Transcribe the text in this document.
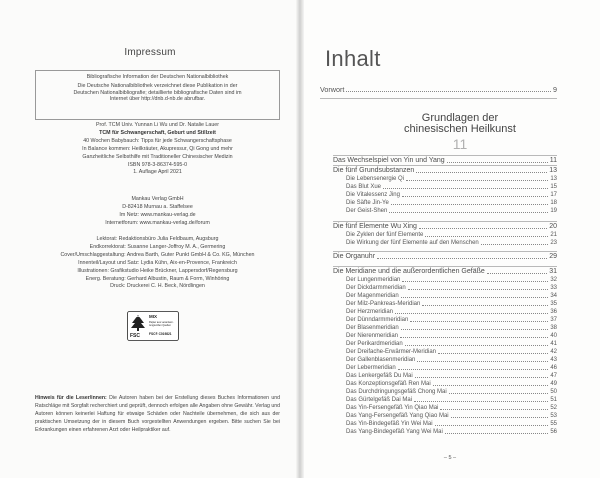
Impressum
Bibliografische Information der Deutschen Nationalbibliothek
Die Deutsche Nationalbibliothek verzeichnet diese Publikation in der
Deutschen Nationalbibliografie; detaillierte bibliografische Daten sind im
Internet über http://dnb.d-nb.de abrufbar.
Prof. TCM Univ. Yunnan Li Wu und Dr. Natalie Lauer
TCM für Schwangerschaft, Geburt und Stillzeit
40 Wochen Babybauch: Tipps für jede Schwangerschaftsphase
In Balance kommen: Heilkräuter, Akupressur, Qi Gong und mehr
Ganzheitliche Selbsthilfe mit Traditioneller Chinesischer Medizin
ISBN 978-3-86374-595-0
1. Auflage April 2021
Mankau Verlag GmbH
D-82418 Murnau a. Staffelsee
Im Netz: www.mankau-verlag.de
Internetforum: www.mankau-verlag.de/forum
Lektorat: Redaktionsbüro Julia Feldbaum, Augsburg
Endkorrektorat: Susanne Langer-Joffroy M. A., Germering
Cover/Umschlaggestaltung: Andrea Barth, Guter Punkt GmbH & Co. KG, München
Innenteil/Layout und Satz: Lydia Kühn, Aix-en-Provence, Frankreich
Illustrationen: Grafikstudio Heike Brückner, Lappersdorf/Regensburg
Energ. Beratung: Gerhard Albustin, Raum & Form, Winhöring
Druck: Druckerei C. H. Beck, Nördlingen
FSC
MIX
Papier aus verantwor-
tungsvollen Quellen
FSC® C019821
Hinweis für die Leser/innen: Die Autoren haben bei der Erstellung dieses Buches Informationen und Ratschläge mit Sorgfalt recherchiert und geprüft, dennoch erfolgen alle Angaben ohne Gewähr. Verlag und Autoren können keinerlei Haftung für etwaige Schäden oder Nachteile übernehmen, die sich aus der praktischen Umsetzung der in diesem Buch vorgestellten Anwendungen ergeben. Bitte suchen Sie bei Erkrankungen einen erfahrenen Arzt oder Heilpraktiker auf.
Inhalt
Vorwort	9
Grundlagen der
chinesischen Heilkunst
11
Das Wechselspiel von Yin und Yang	11
Die fünf Grundsubstanzen	13
Die Lebensenergie Qi	13
Das Blut Xue	15
Die Vitalessenz Jing	17
Die Säfte Jin-Ye	18
Der Geist-Shen	19
Die fünf Elemente Wu Xing	20
Die Zyklen der fünf Elemente	21
Die Wirkung der fünf Elemente auf den Menschen	23
Die Organuhr	29
Die Meridiane und die außerordentlichen Gefäße	31
Der Lungenmeridian	32
Der Dickdarmmeridian	33
Der Magenmeridian	34
Der Milz-Pankreas-Meridian	35
Der Herzmeridian	36
Der Dünndarmmeridian	37
Der Blasenmeridian	38
Der Nierenmeridian	40
Der Perikardmeridian	41
Der Dreifache-Erwärmer-Meridian	42
Der Gallenblasenmeridian	43
Der Lebermeridian	46
Das Lenkergefäß Du Mai	47
Das Konzeptionsgefäß Ren Mai	49
Das Durchdringungsgefäß Chong Mai	50
Das Gürtelgefäß Dai Mai	51
Das Yin-Fersengefäß Yin Qiao Mai	52
Das Yang-Fersengefäß Yang Qiao Mai	53
Das Yin-Bindegefäß Yin Wei Mai	55
Das Yang-Bindegefäß Yang Wei Mai	56
– 5 –
